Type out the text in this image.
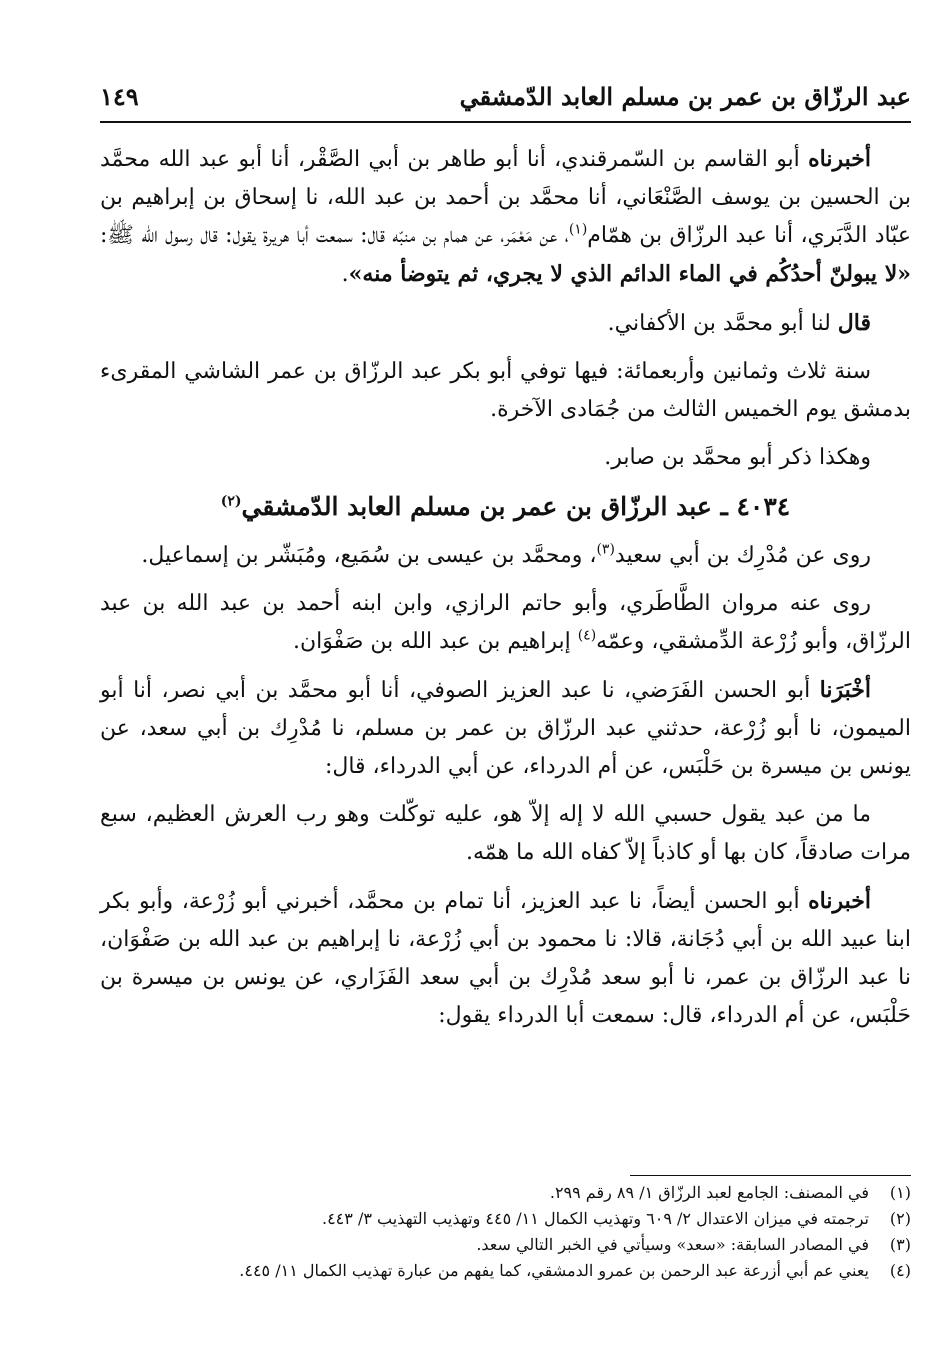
عبد الرزّاق بن عمر بن مسلم العابد الدّمشقي
١٤٩

أخبرناه أبو القاسم بن السّمرقندي، أنا أبو طاهر بن أبي الصَّقْر، أنا أبو عبد الله محمَّد بن الحسين بن يوسف الصَّنْعَاني، أنا محمَّد بن أحمد بن عبد الله، نا إسحاق بن إبراهيم بن عبّاد الدَّبَري، أنا عبد الرزّاق بن همّام$^{(١)}$، عن مَعْمَر، عن همام بن منبّه قال: سمعت أبا هريرة يقول: قال رسول الله ﷺ: «لا يبولنّ أحدُكُم في الماء الدائم الذي لا يجري، ثم يتوضأ منه».

قال لنا أبو محمَّد بن الأكفاني.

سنة ثلاث وثمانين وأربعمائة: فيها توفي أبو بكر عبد الرزّاق بن عمر الشاشي المقرىء بدمشق يوم الخميس الثالث من جُمَادى الآخرة.

وهكذا ذكر أبو محمَّد بن صابر.

٤٠٣٤ ـ عبد الرزّاق بن عمر بن مسلم العابد الدّمشقي$^{(٢)}$

روى عن مُدْرِك بن أبي سعيد$^{(٣)}$، ومحمَّد بن عيسى بن سُمَيع، ومُبَشّر بن إسماعيل.

روى عنه مروان الطَّاطَري، وأبو حاتم الرازي، وابن ابنه أحمد بن عبد الله بن عبد الرزّاق، وأبو زُرْعة الدِّمشقي، وعمّه$^{(٤)}$ إبراهيم بن عبد الله بن صَفْوَان.

أخْبَرَنا أبو الحسن الفَرَضي، نا عبد العزيز الصوفي، أنا أبو محمَّد بن أبي نصر، أنا أبو الميمون، نا أبو زُرْعة، حدثني عبد الرزّاق بن عمر بن مسلم، نا مُدْرِك بن أبي سعد، عن يونس بن ميسرة بن حَلْبَس، عن أم الدرداء، عن أبي الدرداء، قال:

ما من عبد يقول حسبي الله لا إله إلاّ هو، عليه توكّلت وهو رب العرش العظيم، سبع مرات صادقاً، كان بها أو كاذباً إلاّ كفاه الله ما همّه.

أخبرناه أبو الحسن أيضاً، نا عبد العزيز، أنا تمام بن محمَّد، أخبرني أبو زُرْعة، وأبو بكر ابنا عبيد الله بن أبي دُجَانة، قالا: نا محمود بن أبي زُرْعة، نا إبراهيم بن عبد الله بن صَفْوَان، نا عبد الرزّاق بن عمر، نا أبو سعد مُدْرِك بن أبي سعد الفَزَاري، عن يونس بن ميسرة بن حَلْبَس، عن أم الدرداء، قال: سمعت أبا الدرداء يقول:

(١)
في المصنف: الجامع لعبد الرزّاق ١/ ٨٩ رقم ٢٩٩.
(٢)
ترجمته في ميزان الاعتدال ٢/ ٦٠٩ وتهذيب الكمال ١١/ ٤٤٥ وتهذيب التهذيب ٣/ ٤٤٣.
(٣)
في المصادر السابقة: «سعد» وسيأتي في الخبر التالي سعد.
(٤)
يعني عم أبي أزرعة عبد الرحمن بن عمرو الدمشقي، كما يفهم من عبارة تهذيب الكمال ١١/ ٤٤٥.
